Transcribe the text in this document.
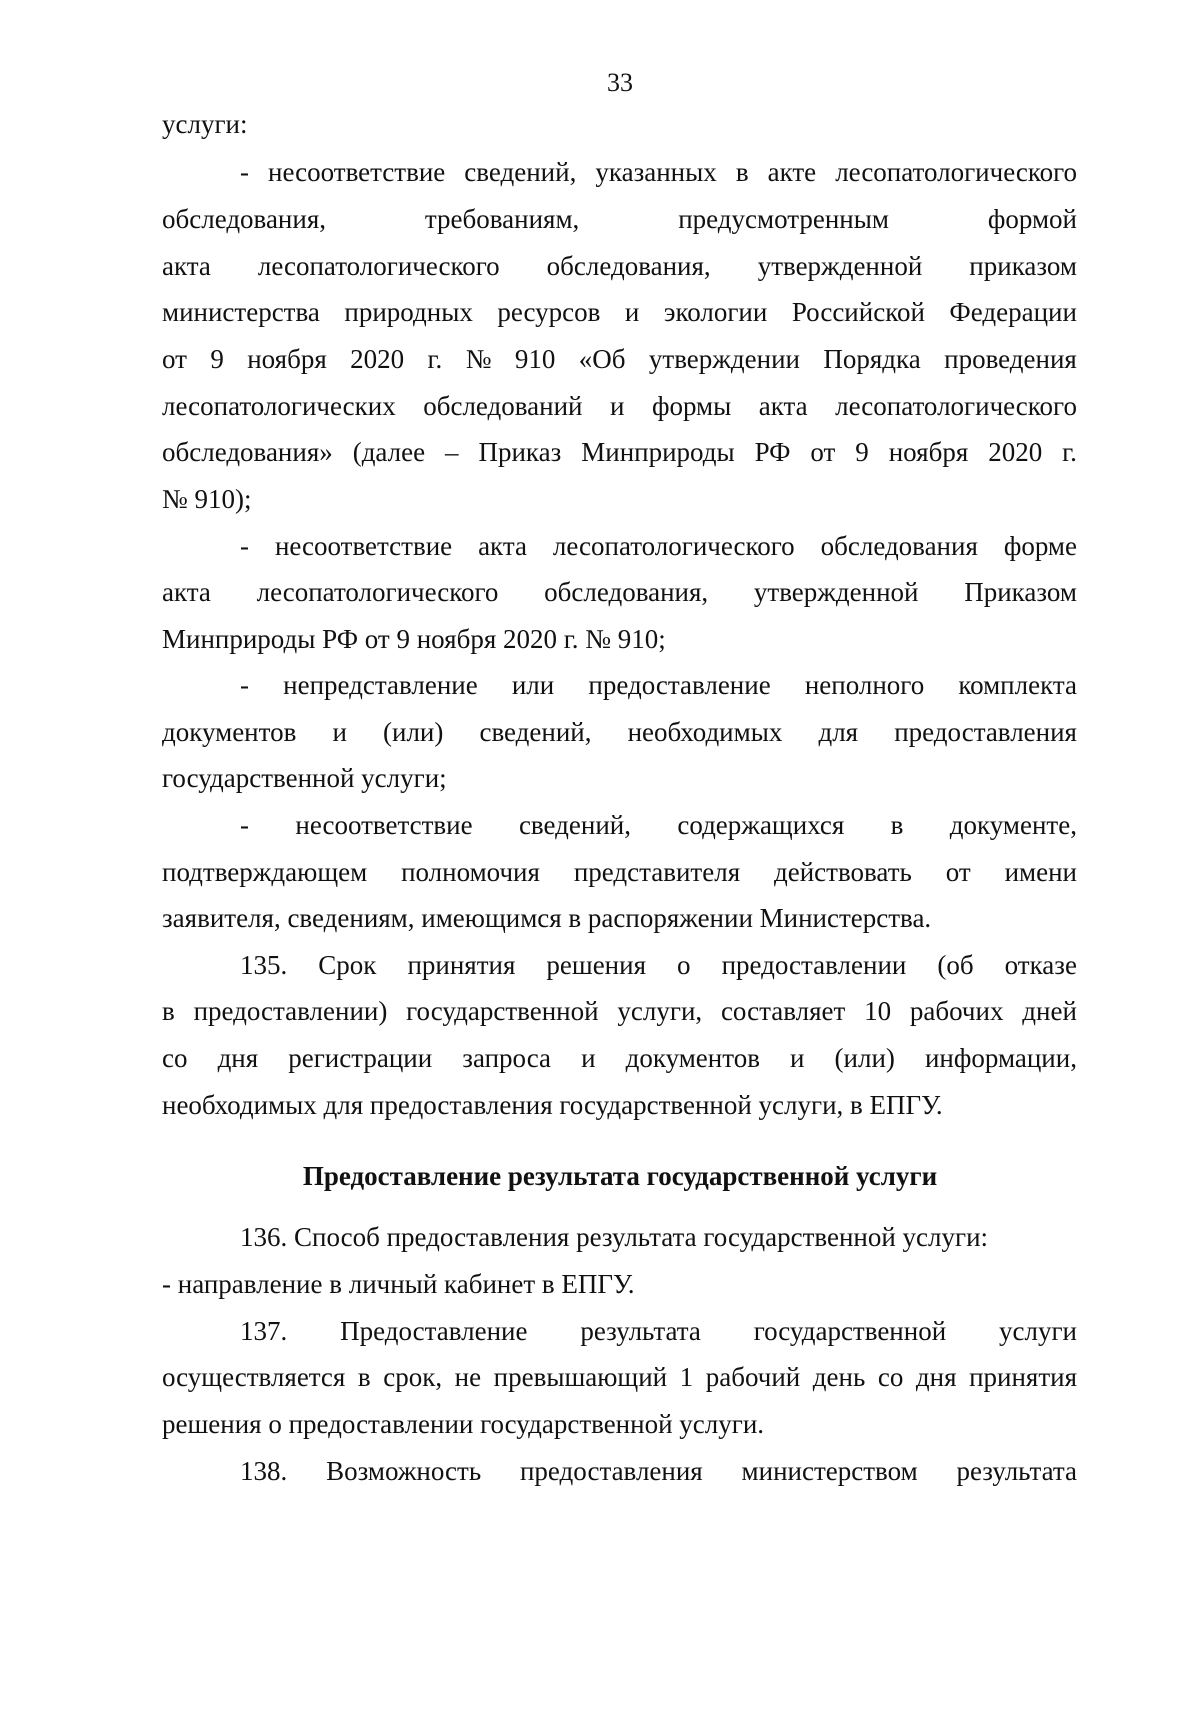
33
услуги:
- несоответствие сведений, указанных в акте лесопатологического
обследования,	требованиям,	предусмотренным	формой
акта лесопатологического обследования, утвержденной приказом
министерства природных ресурсов и экологии Российской Федерации
от 9 ноября 2020 г. № 910 «Об утверждении Порядка проведения
лесопатологических обследований и формы акта лесопатологического
обследования» (далее – Приказ Минприроды РФ от 9 ноября 2020 г.
№ 910);
- несоответствие акта лесопатологического обследования форме
акта лесопатологического обследования, утвержденной Приказом
Минприроды РФ от 9 ноября 2020 г. № 910;
- непредставление или предоставление неполного комплекта
документов и (или) сведений, необходимых для предоставления
государственной услуги;
- несоответствие сведений, содержащихся в документе,
подтверждающем полномочия представителя действовать от имени
заявителя, сведениям, имеющимся в распоряжении Министерства.
135. Срок принятия решения о предоставлении (об отказе
в предоставлении) государственной услуги, составляет 10 рабочих дней
со дня регистрации запроса и документов и (или) информации,
необходимых для предоставления государственной услуги, в ЕПГУ.
Предоставление результата государственной услуги
136. Способ предоставления результата государственной услуги:
- направление в личный кабинет в ЕПГУ.
137. Предоставление результата государственной услуги
осуществляется в срок, не превышающий 1 рабочий день со дня принятия
решения о предоставлении государственной услуги.
138. Возможность предоставления министерством результата
